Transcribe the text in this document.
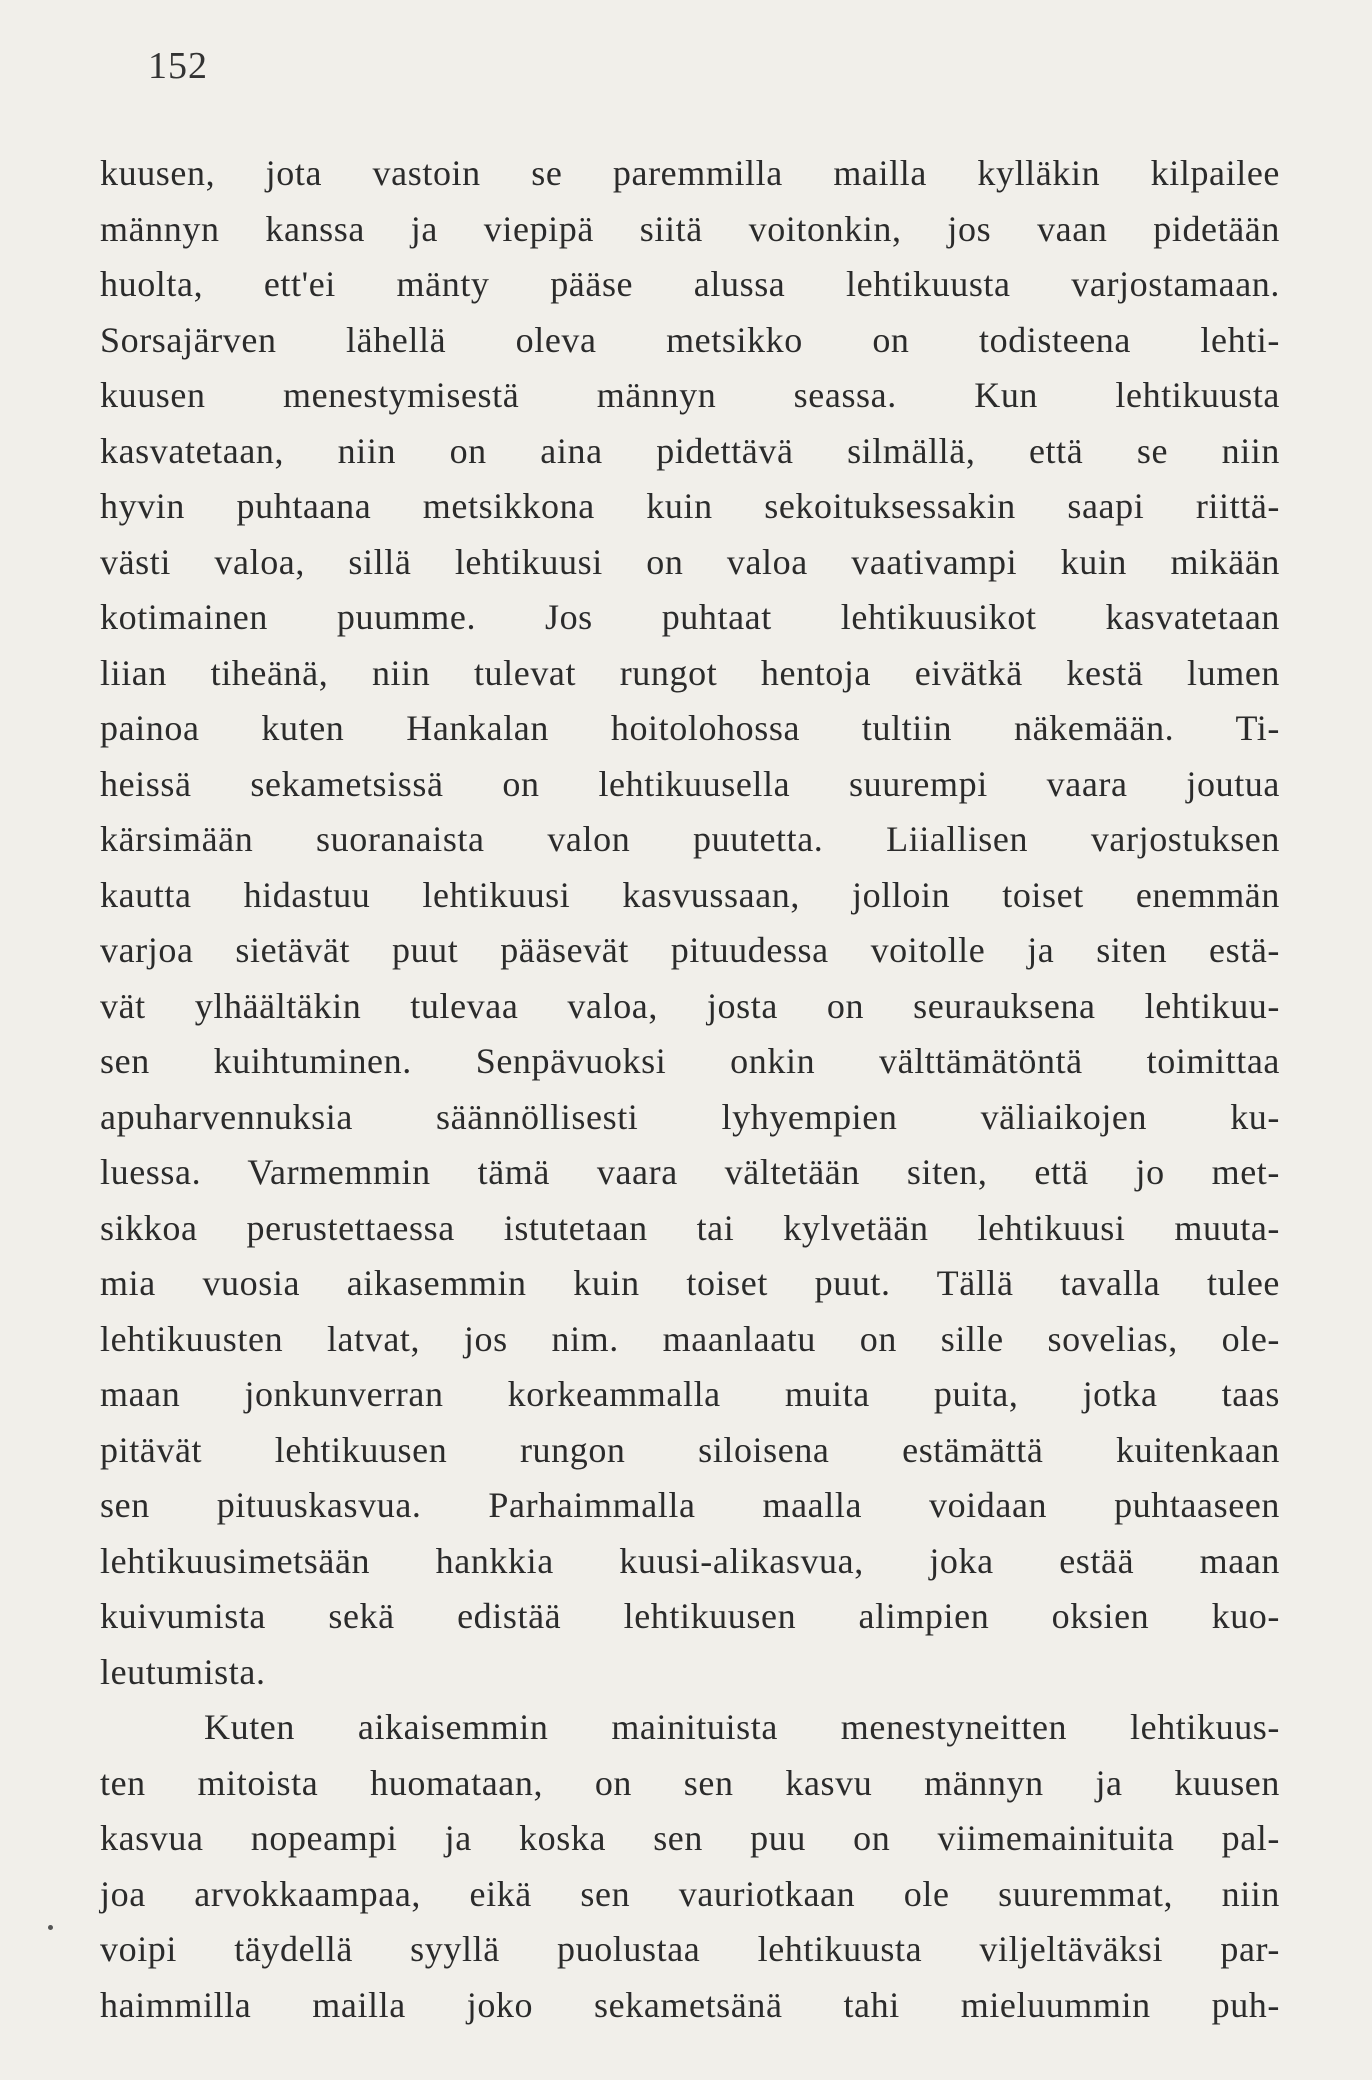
152
kuusen, jota vastoin se paremmilla mailla kylläkin kilpailee
männyn kanssa ja viepipä siitä voitonkin, jos vaan pidetään
huolta, ett'ei mänty pääse alussa lehtikuusta varjostamaan.
Sorsajärven lähellä oleva metsikko on todisteena lehti-
kuusen menestymisestä männyn seassa. Kun lehtikuusta
kasvatetaan, niin on aina pidettävä silmällä, että se niin
hyvin puhtaana metsikkona kuin sekoituksessakin saapi riittä-
västi valoa, sillä lehtikuusi on valoa vaativampi kuin mikään
kotimainen puumme. Jos puhtaat lehtikuusikot kasvatetaan
liian tiheänä, niin tulevat rungot hentoja eivätkä kestä lumen
painoa kuten Hankalan hoitolohossa tultiin näkemään. Ti-
heissä sekametsissä on lehtikuusella suurempi vaara joutua
kärsimään suoranaista valon puutetta. Liiallisen varjostuksen
kautta hidastuu lehtikuusi kasvussaan, jolloin toiset enemmän
varjoa sietävät puut pääsevät pituudessa voitolle ja siten estä-
vät ylhäältäkin tulevaa valoa, josta on seurauksena lehtikuu-
sen kuihtuminen. Senpävuoksi onkin välttämätöntä toimittaa
apuharvennuksia säännöllisesti lyhyempien väliaikojen ku-
luessa. Varmemmin tämä vaara vältetään siten, että jo met-
sikkoa perustettaessa istutetaan tai kylvetään lehtikuusi muuta-
mia vuosia aikasemmin kuin toiset puut. Tällä tavalla tulee
lehtikuusten latvat, jos nim. maanlaatu on sille sovelias, ole-
maan jonkunverran korkeammalla muita puita, jotka taas
pitävät lehtikuusen rungon siloisena estämättä kuitenkaan
sen pituuskasvua. Parhaimmalla maalla voidaan puhtaaseen
lehtikuusimetsään hankkia kuusi-alikasvua, joka estää maan
kuivumista sekä edistää lehtikuusen alimpien oksien kuo-
leutumista.
Kuten aikaisemmin mainituista menestyneitten lehtikuus-
ten mitoista huomataan, on sen kasvu männyn ja kuusen
kasvua nopeampi ja koska sen puu on viimemainituita pal-
joa arvokkaampaa, eikä sen vauriotkaan ole suuremmat, niin
voipi täydellä syyllä puolustaa lehtikuusta viljeltäväksi par-
haimmilla mailla joko sekametsänä tahi mieluummin puh-
